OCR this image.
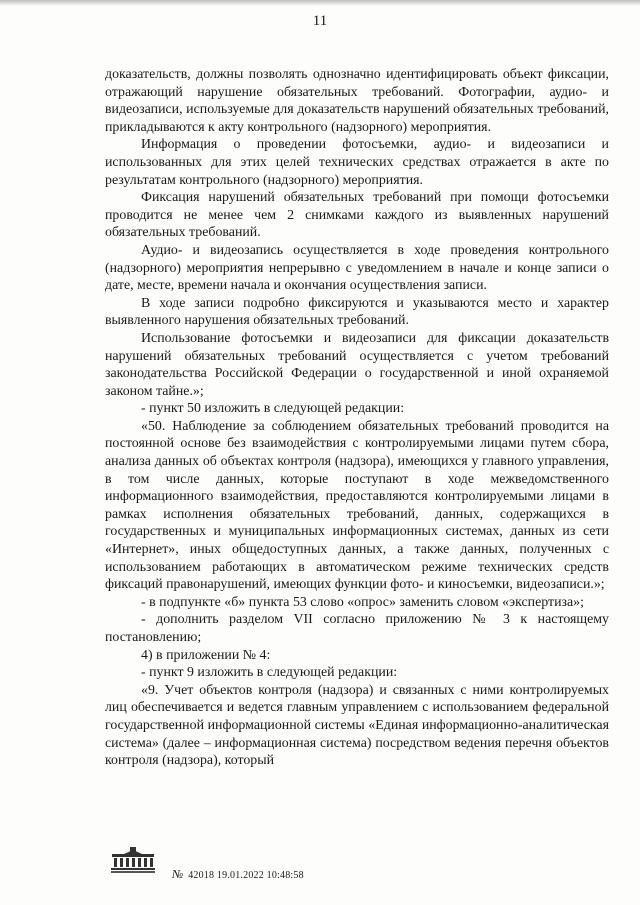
11

доказательств, должны позволять однозначно идентифицировать объект фиксации, отражающий нарушение обязательных требований. Фотографии, аудио- и видеозаписи, используемые для доказательств нарушений обязательных требований, прикладываются к акту контрольного (надзорного) мероприятия.

Информация о проведении фотосъемки, аудио- и видеозаписи и использованных для этих целей технических средствах отражается в акте по результатам контрольного (надзорного) мероприятия.

Фиксация нарушений обязательных требований при помощи фотосъемки проводится не менее чем 2 снимками каждого из выявленных нарушений обязательных требований.

Аудио- и видеозапись осуществляется в ходе проведения контрольного (надзорного) мероприятия непрерывно с уведомлением в начале и конце записи о дате, месте, времени начала и окончания осуществления записи.

В ходе записи подробно фиксируются и указываются место и характер выявленного нарушения обязательных требований.

Использование фотосъемки и видеозаписи для фиксации доказательств нарушений обязательных требований осуществляется с учетом требований законодательства Российской Федерации о государственной и иной охраняемой законом тайне.»;

- пункт 50 изложить в следующей редакции:

«50. Наблюдение за соблюдением обязательных требований проводится на постоянной основе без взаимодействия с контролируемыми лицами путем сбора, анализа данных об объектах контроля (надзора), имеющихся у главного управления, в том числе данных, которые поступают в ходе межведомственного информационного взаимодействия, предоставляются контролируемыми лицами в рамках исполнения обязательных требований, данных, содержащихся в государственных и муниципальных информационных системах, данных из сети «Интернет», иных общедоступных данных, а также данных, полученных с использованием работающих в автоматическом режиме технических средств фиксаций правонарушений, имеющих функции фото- и киносъемки, видеозаписи.»;

- в подпункте «б» пункта 53 слово «опрос» заменить словом «экспертиза»;

- дополнить разделом VII согласно приложению № 3 к настоящему постановлению;

4) в приложении № 4:

- пункт 9 изложить в следующей редакции:

«9. Учет объектов контроля (надзора) и связанных с ними контролируемых лиц обеспечивается и ведется главным управлением с использованием федеральной государственной информационной системы «Единая информационно-аналитическая система» (далее – информационная система) посредством ведения перечня объектов контроля (надзора), который

№ 42018 19.01.2022 10:48:58
